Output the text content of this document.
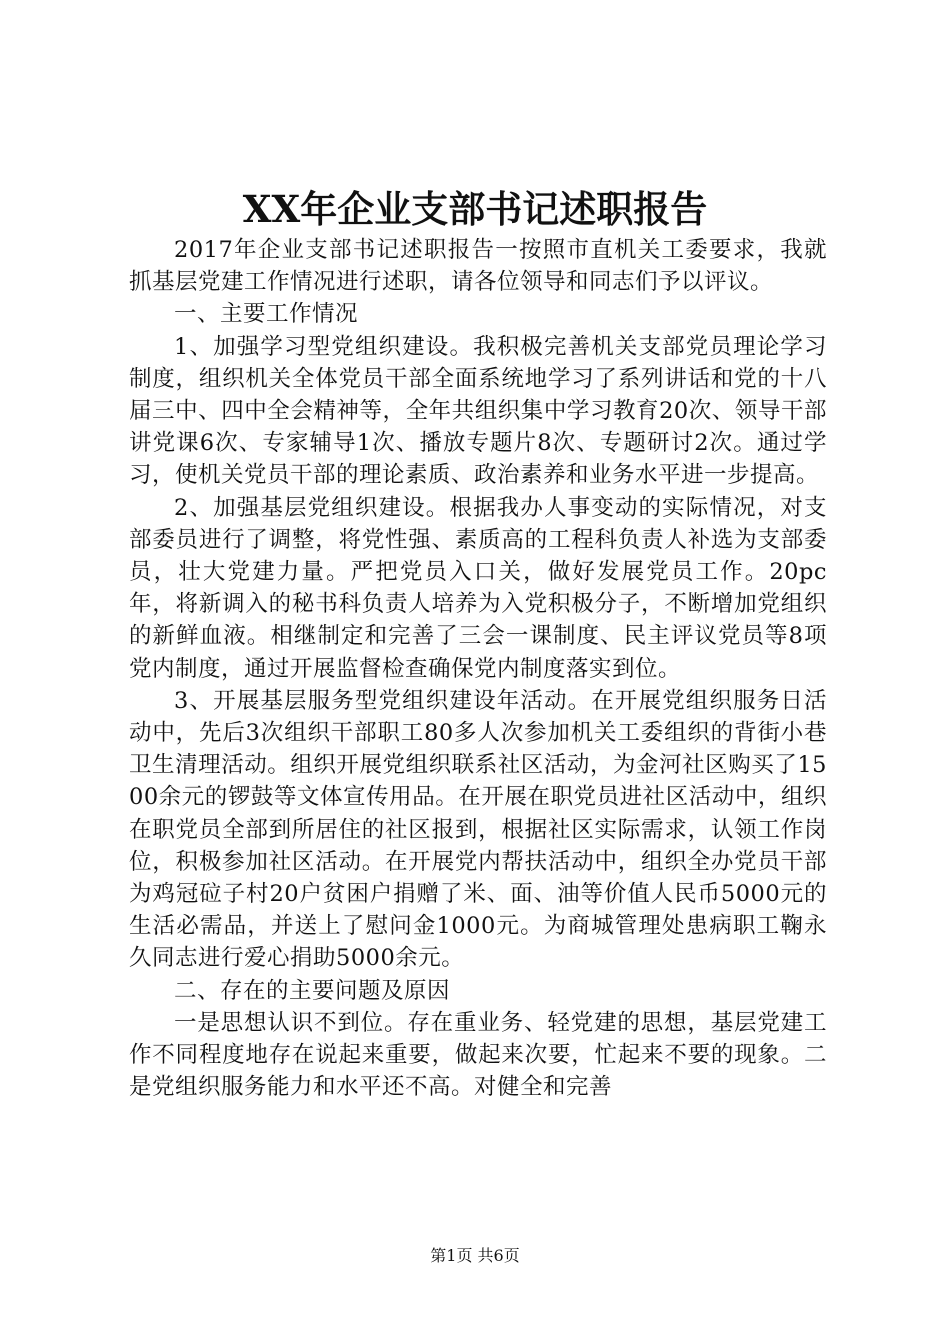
XX年企业支部书记述职报告

2017年企业支部书记述职报告一按照市直机关工委要求，我就抓基层党建工作情况进行述职，请各位领导和同志们予以评议。

一、主要工作情况

1、加强学习型党组织建设。我积极完善机关支部党员理论学习制度，组织机关全体党员干部全面系统地学习了系列讲话和党的十八届三中、四中全会精神等，全年共组织集中学习教育20次、领导干部讲党课6次、专家辅导1次、播放专题片8次、专题研讨2次。通过学习，使机关党员干部的理论素质、政治素养和业务水平进一步提高。

2、加强基层党组织建设。根据我办人事变动的实际情况，对支部委员进行了调整，将党性强、素质高的工程科负责人补选为支部委员，壮大党建力量。严把党员入口关，做好发展党员工作。20pc年，将新调入的秘书科负责人培养为入党积极分子，不断增加党组织的新鲜血液。相继制定和完善了三会一课制度、民主评议党员等8项党内制度，通过开展监督检查确保党内制度落实到位。

3、开展基层服务型党组织建设年活动。在开展党组织服务日活动中，先后3次组织干部职工80多人次参加机关工委组织的背街小巷卫生清理活动。组织开展党组织联系社区活动，为金河社区购买了1500余元的锣鼓等文体宣传用品。在开展在职党员进社区活动中，组织在职党员全部到所居住的社区报到，根据社区实际需求，认领工作岗位，积极参加社区活动。在开展党内帮扶活动中，组织全办党员干部为鸡冠砬子村20户贫困户捐赠了米、面、油等价值人民币5000元的生活必需品，并送上了慰问金1000元。为商城管理处患病职工鞠永久同志进行爱心捐助5000余元。

二、存在的主要问题及原因

一是思想认识不到位。存在重业务、轻党建的思想，基层党建工作不同程度地存在说起来重要，做起来次要，忙起来不要的现象。二是党组织服务能力和水平还不高。对健全和完善

第1页 共6页
